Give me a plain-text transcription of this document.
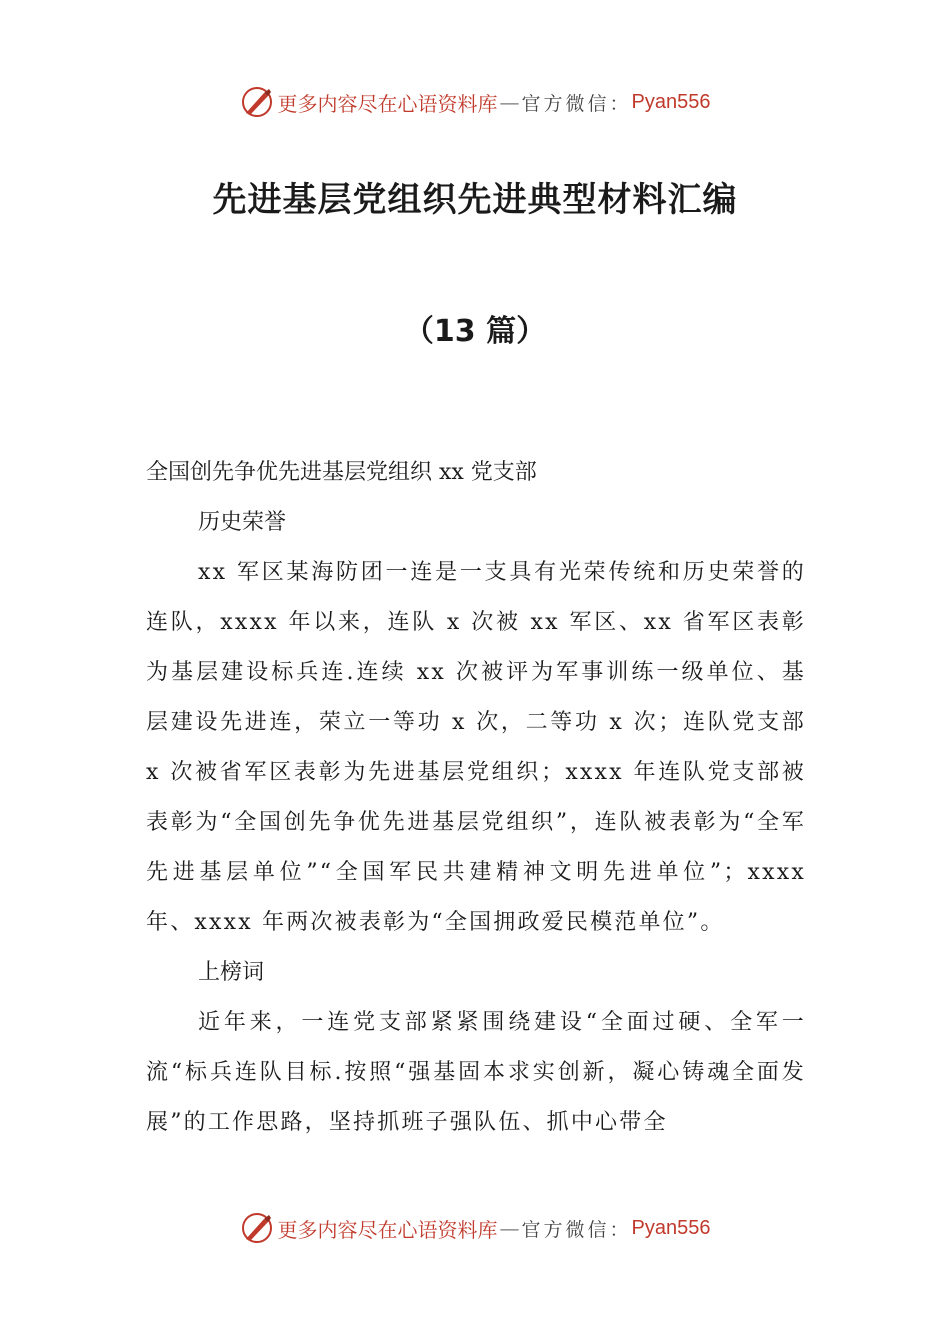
更多内容尽在心语资料库 — 官方微信： Pyan556
先进基层党组织先进典型材料汇编
（13 篇）

全国创先争优先进基层党组织 xx 党支部

历史荣誉

xx 军区某海防团一连是一支具有光荣传统和历史荣誉的连队，xxxx 年以来，连队 x 次被 xx 军区、xx 省军区表彰为基层建设标兵连.连续 xx 次被评为军事训练一级单位、基层建设先进连，荣立一等功 x 次，二等功 x 次；连队党支部 x 次被省军区表彰为先进基层党组织；xxxx 年连队党支部被表彰为“全国创先争优先进基层党组织”，连队被表彰为“全军先进基层单位”“全国军民共建精神文明先进单位”；xxxx 年、xxxx 年两次被表彰为“全国拥政爱民模范单位”。

上榜词

近年来，一连党支部紧紧围绕建设“全面过硬、全军一流“标兵连队目标.按照“强基固本求实创新，凝心铸魂全面发展”的工作思路，坚持抓班子强队伍、抓中心带全

更多内容尽在心语资料库 — 官方微信： Pyan556
